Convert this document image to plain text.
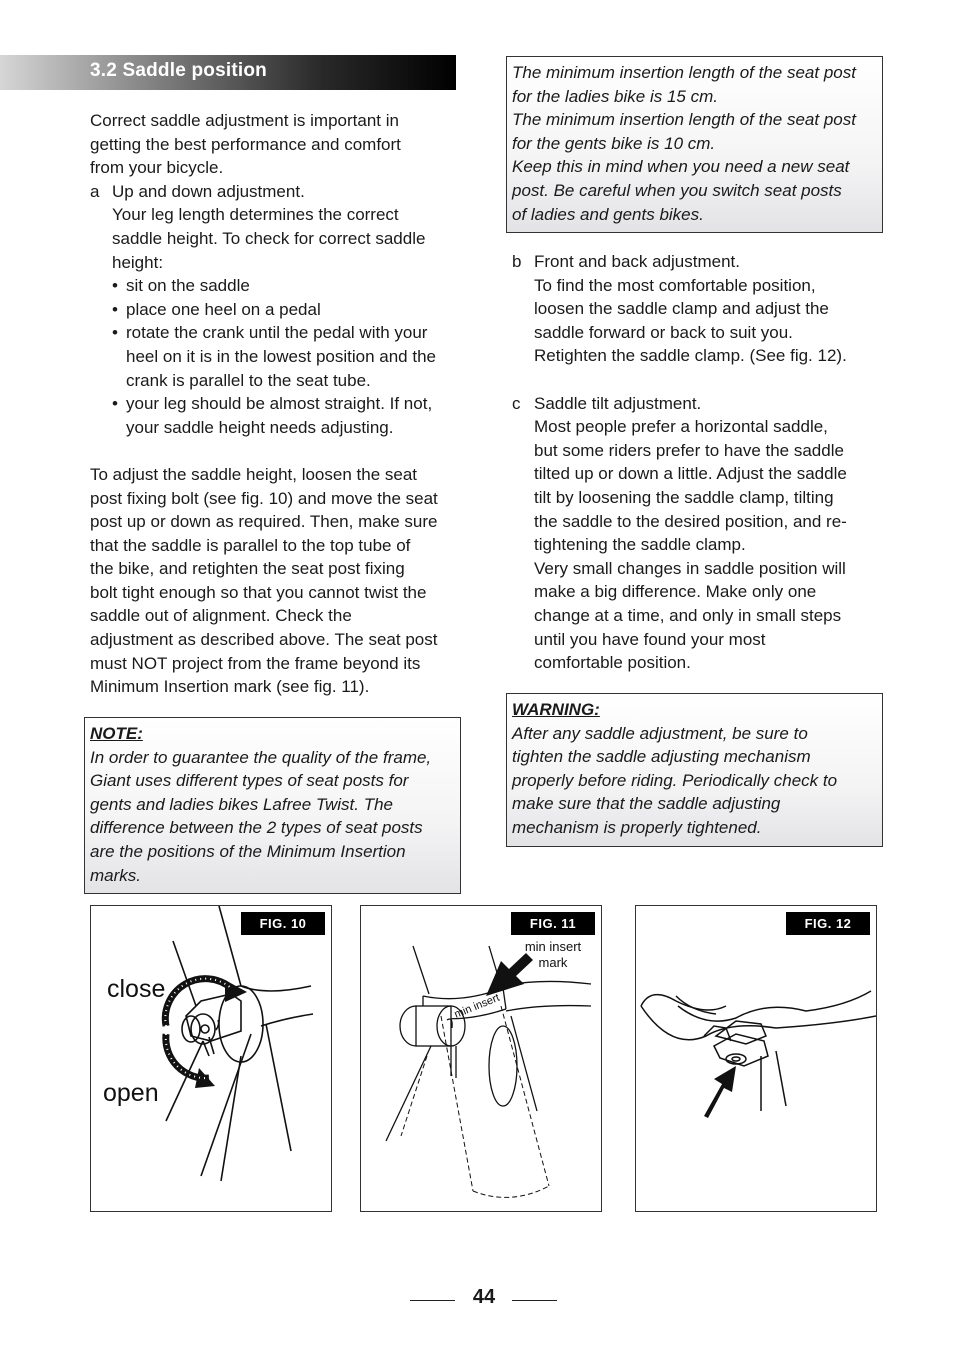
3.2 Saddle position

Correct saddle adjustment is important in

getting the best performance and comfort

from your bicycle.

a Up and down adjustment.

Your leg length determines the correct

saddle height. To check for correct saddle

height:

• sit on the saddle

• place one heel on a pedal

• rotate the crank until the pedal with your

heel on it is in the lowest position and the

crank is parallel to the seat tube.

• your leg should be almost straight. If not,

your saddle height needs adjusting.

To adjust the saddle height, loosen the seat

post fixing bolt (see fig. 10) and move the seat

post up or down as required. Then, make sure

that the saddle is parallel to the top tube of

the bike, and retighten the seat post fixing

bolt tight enough so that you cannot twist the

saddle out of alignment. Check the

adjustment as described above. The seat post

must NOT project from the frame beyond its

Minimum Insertion mark (see fig. 11).

NOTE:

In order to guarantee the quality of the frame,

Giant uses different types of seat posts for

gents and ladies bikes Lafree Twist. The

difference between the 2 types of seat posts

are the positions of the Minimum Insertion

marks.

The minimum insertion length of the seat post

for the ladies bike is 15 cm.

The minimum insertion length of the seat post

for the gents bike is 10 cm.

Keep this in mind when you need a new seat

post. Be careful when you switch seat posts

of ladies and gents bikes.

b Front and back adjustment.

To find the most comfortable position,

loosen the saddle clamp and adjust the

saddle forward or back to suit you.

Retighten the saddle clamp. (See fig. 12).

c Saddle tilt adjustment.

Most people prefer a horizontal saddle,

but some riders prefer to have the saddle

tilted up or down a little. Adjust the saddle

tilt by loosening the saddle clamp, tilting

the saddle to the desired position, and re-

tightening the saddle clamp.

Very small changes in saddle position will

make a big difference. Make only one

change at a time, and only in small steps

until you have found your most

comfortable position.

WARNING:

After any saddle adjustment, be sure to

tighten the saddle adjusting mechanism

properly before riding. Periodically check to

make sure that the saddle adjusting

mechanism is properly tightened.

close
open
FIG. 10
min insert
min insert
mark
FIG. 11	FIG. 12
44
